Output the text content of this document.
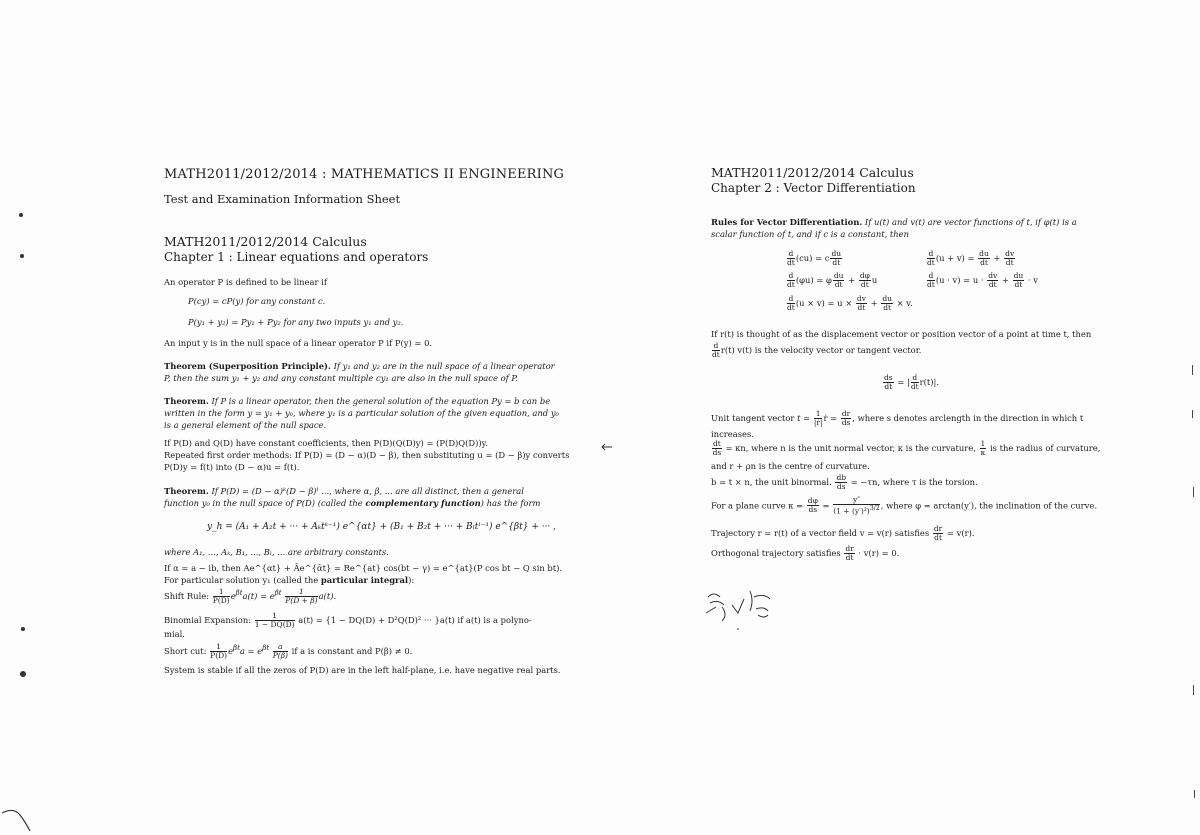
MATH2011/2012/2014 : MATHEMATICS II ENGINEERING
Test and Examination Information Sheet
MATH2011/2012/2014 Calculus
Chapter 1 : Linear equations and operators
An operator P is defined to be linear if
P(cy) = cP(y) for any constant c.
P(y₁ + y₂) = Py₁ + Py₂ for any two inputs y₁ and y₂.
An input y is in the null space of a linear operator P if P(y) = 0.
Theorem (Superposition Principle). If y₁ and y₂ are in the null space of a linear operator
P, then the sum y₁ + y₂ and any constant multiple cy₁ are also in the null space of P.
Theorem. If P is a linear operator, then the general solution of the equation Py = b can be
written in the form y = y₁ + y₀, where y₁ is a particular solution of the given equation, and y₀
is a general element of the null space.
If P(D) and Q(D) have constant coefficients, then P(D)(Q(D)y) = (P(D)Q(D))y.
Repeated first order methods: If P(D) = (D − α)(D − β), then substituting u = (D − β)y converts
P(D)y = f(t) into (D − α)u = f(t).
Theorem. If P(D) = (D − α)ᵏ(D − β)ˡ ..., where α, β, ... are all distinct, then a general
function y₀ in the null space of P(D) (called the complementary function) has the form
y_h = (A₁ + A₂t + ··· + Aₖtᵏ⁻¹) e^{αt} + (B₁ + B₂t + ··· + Bₗtˡ⁻¹) e^{βt} + ··· ,
where A₁, ..., Aₖ, B₁, ..., Bₗ, ... are arbitrary constants.
If α = a − ib, then Ae^{αt} + Āe^{ᾱt} = Re^{at} cos(bt − γ) = e^{at}(P cos bt − Q sin bt).
For particular solution y₁ (called the particular integral):
Shift Rule: $\frac{1}{P(D)} e^{\beta t}a(t) = e^{\beta t} \frac{1}{P(D + \beta)} a(t)$.
Binomial Expansion: $\frac{1}{1 - DQ(D)} a(t) = \{1 - DQ(D) + D^2Q(D)^2$ ··· }a(t) if a(t) is a polyno-
mial.
Short cut: $\frac{1}{P(D)} e^{\beta t}a = e^{\beta t} \frac{a}{P(\beta)}$ if a is constant and P(β) ≠ 0.
System is stable if all the zeros of P(D) are in the left half-plane, i.e. have negative real parts.
MATH2011/2012/2014 Calculus
Chapter 2 : Vector Differentiation
Rules for Vector Differentiation. If u(t) and v(t) are vector functions of t, if φ(t) is a
scalar function of t, and if c is a constant, then
$\frac{d}{dt} (cu) = c \frac{du}{dt}$
$\frac{d}{dt} (\varphi u) = \varphi \frac{du}{dt} + \frac{d\varphi}{dt}$ u
$\frac{d}{dt} (u \times v) = u \times \frac{dv}{dt} + \frac{du}{dt} \times v$.
$\frac{d}{dt} (u + v) = \frac{du}{dt} + \frac{dv}{dt}$
$\frac{d}{dt} (u \cdot v) = u \cdot \frac{dv}{dt} + \frac{du}{dt} \cdot v$
If r(t) is thought of as the displacement vector or position vector of a point at time t, then
$\frac{d}{dt} r(t)$ v(t) is the velocity vector or tangent vector.
$\frac{ds}{dt}$ = | $\frac{d}{dt} r(t)|$.
Unit tangent vector $t = \frac{1}{\text{|ṙ|}}$ ṙ = $\frac{dr}{ds}$ , where s denotes arclength in the direction in which t
increases.
$\frac{dt}{ds} = \kappa n$, where n is the unit normal vector, κ is the curvature, $\frac{1}{\kappa}$ is the radius of curvature,
and r + ρn is the centre of curvature.
b = t × n, the unit binormal. $\frac{db}{ds} = -\tau n$, where τ is the torsion.
For a plane curve $\kappa = \frac{d\varphi}{ds} = \frac{y''}{(1 + (y')^2)^{3/2}}$ , where φ = arctan(y′), the inclination of the curve.
Trajectory r = r(t) of a vector field v = v(r) satisfies $\frac{dr}{dt} = v(r)$.
Orthogonal trajectory satisfies $\frac{dr}{dt} \cdot v(r) = 0$.
